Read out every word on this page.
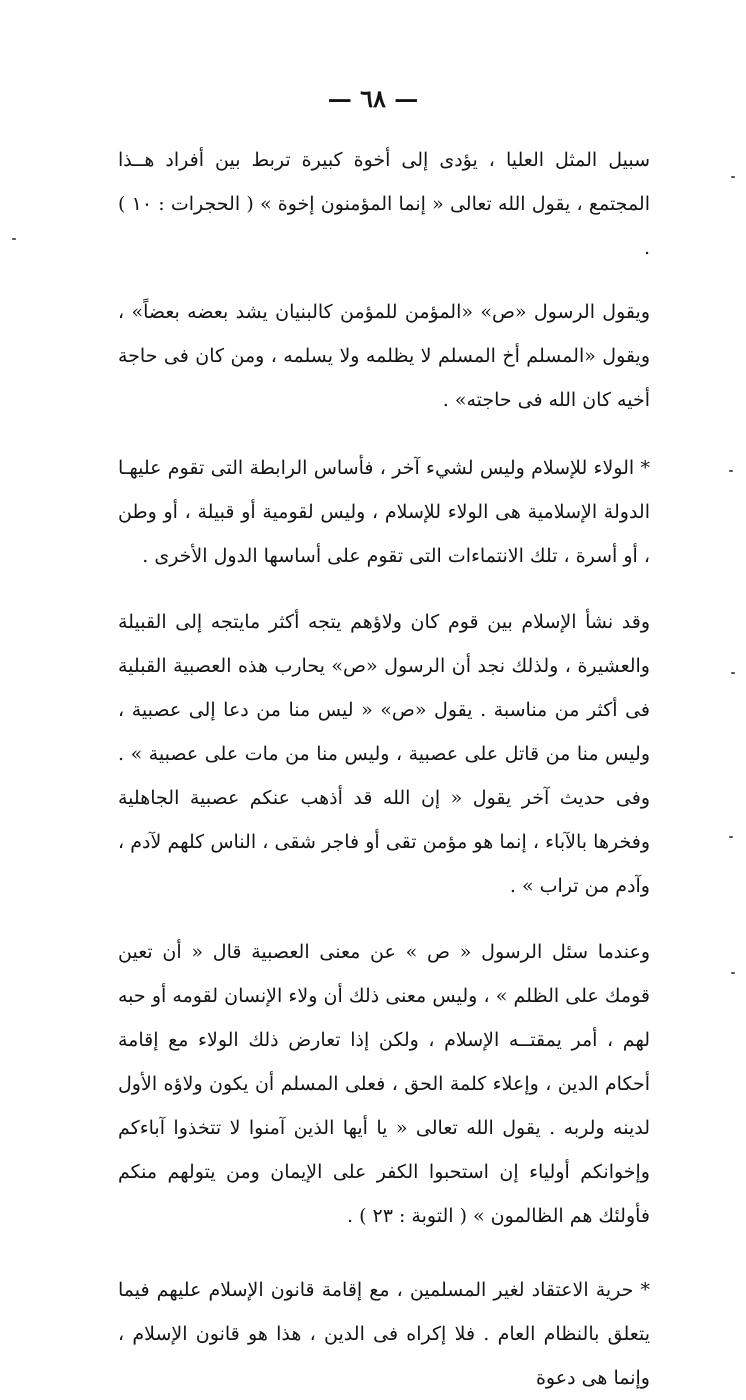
— ٦٨ —

سبيل المثل العليا ، يؤدى إلى أخوة كبيرة تربط بين أفراد هــذا المجتمع ، يقول الله تعالى « إنما المؤمنون إخوة » ( الحجرات : ١٠ ) .

ويقول الرسول «ص» «المؤمن للمؤمن كالبنيان يشد بعضه بعضاً» ، ويقول «المسلم أخ المسلم لا يظلمه ولا يسلمه ، ومن كان فى حاجة أخيه كان الله فى حاجته» .

* الولاء للإسلام وليس لشيء آخر ، فأساس الرابطة التى تقوم عليهـا الدولة الإسلامية هى الولاء للإسلام ، وليس لقومية أو قبيلة ، أو وطن ، أو أسرة ، تلك الانتماءات التى تقوم على أساسها الدول الأخرى .

وقد نشأ الإسلام بين قوم كان ولاؤهم يتجه أكثر مايتجه إلى القبيلة والعشيرة ، ولذلك نجد أن الرسول «ص» يحارب هذه العصبية القبلية فى أكثر من مناسبة . يقول «ص» « ليس منا من دعا إلى عصبية ، وليس منا من قاتل على عصبية ، وليس منا من مات على عصبية » . وفى حديث آخر يقول « إن الله قد أذهب عنكم عصبية الجاهلية وفخرها بالآباء ، إنما هو مؤمن تقى أو فاجر شقى ، الناس كلهم لآدم ، وآدم من تراب » .

وعندما سئل الرسول « ص » عن معنى العصبية قال « أن تعين قومك على الظلم » ، وليس معنى ذلك أن ولاء الإنسان لقومه أو حبه لهم ، أمر يمقتــه الإسلام ، ولكن إذا تعارض ذلك الولاء مع إقامة أحكام الدين ، وإعلاء كلمة الحق ، فعلى المسلم أن يكون ولاؤه الأول لدينه ولربه . يقول الله تعالى « يا أيها الذين آمنوا لا تتخذوا آباءكم وإخوانكم أولياء إن استحبوا الكفر على الإيمان ومن يتولهم منكم فأولئك هم الظالمون » ( التوبة : ٢٣ ) .

* حرية الاعتقاد لغير المسلمين ، مع إقامة قانون الإسلام عليهم فيما يتعلق بالنظام العام . فلا إكراه فى الدين ، هذا هو قانون الإسلام ، وإنما هى دعوة
